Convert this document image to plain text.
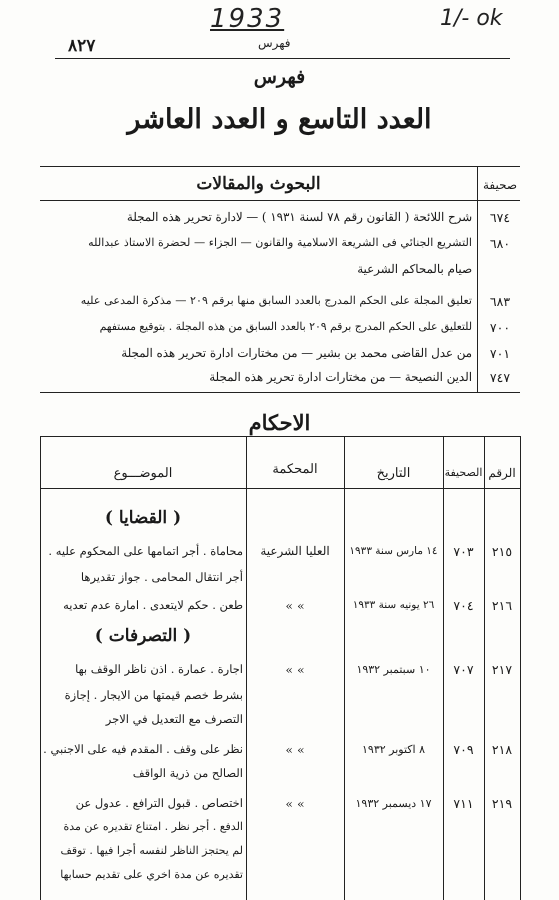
1933
فهرس
1/- ok
٨٢٧
فهرس
العدد التاسع و العدد العاشر
صحيفة
البحوث والمقالات
٦٧٤
شرح اللائحة ( القانون رقم ٧٨ لسنة ١٩٣١ ) — لادارة تحرير هذه المجلة
٦٨٠
التشريع الجنائي فى الشريعة الاسلامية والقانون — الجزاء — لحضرة الاستاذ عبدالله
صيام بالمحاكم الشرعية
٦٨٣
تعليق المجلة على الحكم المدرج بالعدد السابق منها برقم ٢٠٩ — مذكرة المدعى عليه
٧٠٠
للتعليق على الحكم المدرج برقم ٢٠٩ بالعدد السابق من هذه المجلة . بتوقيع مستفهم
٧٠١
من عدل القاضى محمد بن بشير — من مختارات ادارة تحرير هذه المجلة
٧٤٧
الدين النصيحة — من مختارات ادارة تحرير هذه المجلة
الاحكام
الرقم
الصحيفة
التاريخ
المحكمة
الموضـــوع
( القضايا )
٢١٥
٧٠٣
١٤ مارس سنة ١٩٣٣
العليا الشرعية
محاماة . أجر اتمامها على المحكوم عليه .
أجر انتقال المحامى . جواز تقديرها
٢١٦
٧٠٤
٢٦ يونيه سنة ١٩٣٣
« «
طعن . حكم لايتعدى . امارة عدم تعديه
( التصرفات )
٢١٧
٧٠٧
١٠ سبتمبر ١٩٣٢
« «
اجارة . عمارة . اذن ناظر الوقف بها
بشرط خصم قيمتها من الايجار . إجازة
التصرف مع التعديل في الاجر
٢١٨
٧٠٩
٨ اكتوبر ١٩٣٢
« «
نظر على وقف . المقدم فيه على الاجنبي .
الصالح من ذرية الواقف
٢١٩
٧١١
١٧ ديسمبر ١٩٣٢
« «
اختصاص . قبول الترافع . عدول عن
الدفع . أجر نظر . امتناع تقديره عن مدة
لم يحتجز الناظر لنفسه أجرا فيها . توقف
تقديره عن مدة اخري على تقديم حسابها
